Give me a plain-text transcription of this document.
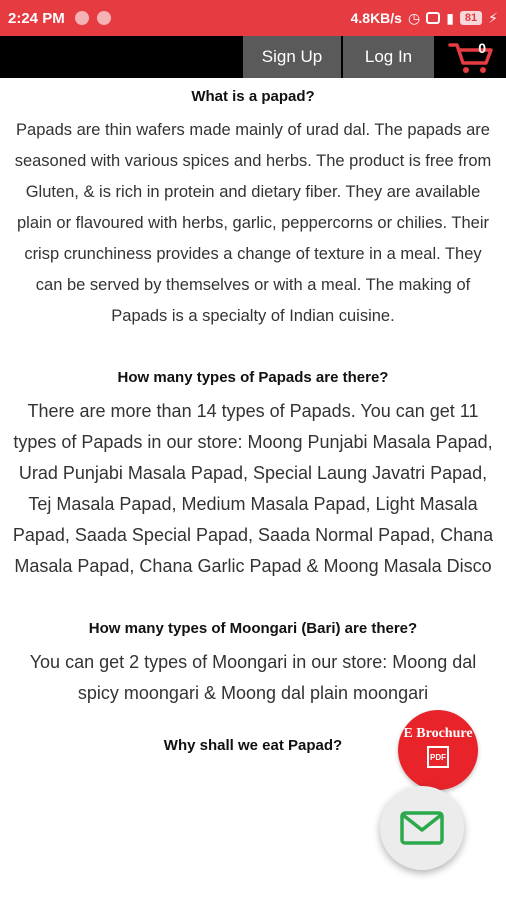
2:24 PM	4.8KB/s ◷ ▮	81 ⚡
Sign Up	Log In	0
What is a papad?

Papads are thin wafers made mainly of urad dal. The papads are seasoned with various spices and herbs. The product is free from Gluten, & is rich in protein and dietary fiber. They are available plain or flavoured with herbs, garlic, peppercorns or chilies. Their crisp crunchiness provides a change of texture in a meal. They can be served by themselves or with a meal. The making of Papads is a specialty of Indian cuisine.

How many types of Papads are there?

There are more than 14 types of Papads. You can get 11 types of Papads in our store: Moong Punjabi Masala Papad, Urad Punjabi Masala Papad, Special Laung Javatri Papad, Tej Masala Papad, Medium Masala Papad, Light Masala Papad, Saada Special Papad, Saada Normal Papad, Chana Masala Papad, Chana Garlic Papad & Moong Masala Disco

How many types of Moongari (Bari) are there?

You can get 2 types of Moongari in our store: Moong dal spicy moongari & Moong dal plain moongari

Why shall we eat Papad?
E Brochure
PDF
